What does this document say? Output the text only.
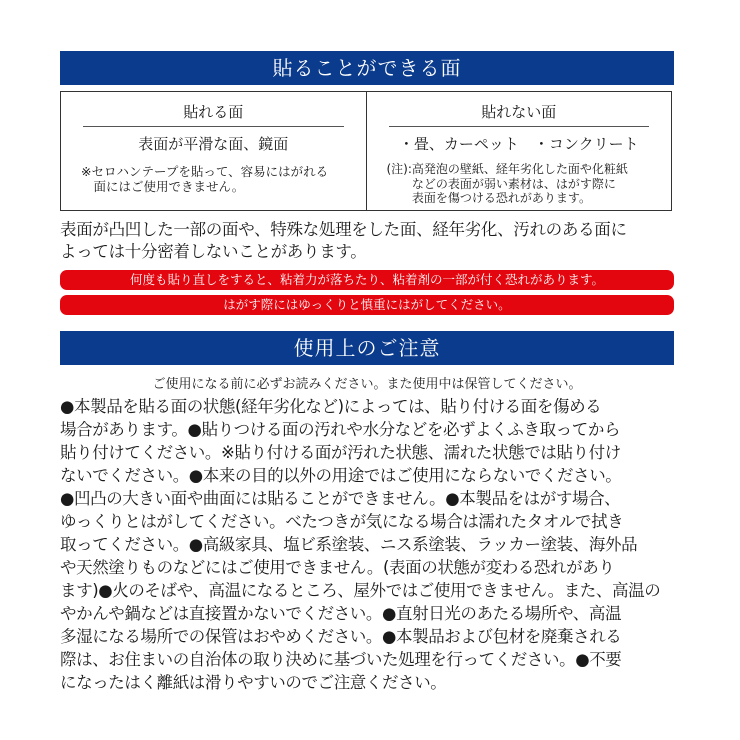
貼ることができる面
貼れる面
表面が平滑な面、鏡面
※セロハンテープを貼って、容易にはがれる
　面にはご使用できません。
貼れない面
・畳、カーペット　・コンクリート
(注): 高発泡の壁紙、経年劣化した面や化粧紙
などの表面が弱い素材は、はがす際に
表面を傷つける恐れがあります。
表面が凸凹した一部の面や、特殊な処理をした面、経年劣化、汚れのある面に
よっては十分密着しないことがあります。
何度も貼り直しをすると、粘着力が落ちたり、粘着剤の一部が付く恐れがあります。
はがす際にはゆっくりと慎重にはがしてください。
使用上のご注意
ご使用になる前に必ずお読みください。また使用中は保管してください。

●本製品を貼る面の状態(経年劣化など)によっては、貼り付ける面を傷める

場合があります。●貼りつける面の汚れや水分などを必ずよくふき取ってから

貼り付けてください。※貼り付ける面が汚れた状態、濡れた状態では貼り付け

ないでください。●本来の目的以外の用途ではご使用にならないでください。

●凹凸の大きい面や曲面には貼ることができません。●本製品をはがす場合、

ゆっくりとはがしてください。べたつきが気になる場合は濡れたタオルで拭き

取ってください。●高級家具、塩ビ系塗装、ニス系塗装、ラッカー塗装、海外品

や天然塗りものなどにはご使用できません。(表面の状態が変わる恐れがあり

ます)●火のそばや、高温になるところ、屋外ではご使用できません。また、高温の

やかんや鍋などは直接置かないでください。●直射日光のあたる場所や、高温

多湿になる場所での保管はおやめください。●本製品および包材を廃棄される

際は、お住まいの自治体の取り決めに基づいた処理を行ってください。●不要

になったはく離紙は滑りやすいのでご注意ください。
